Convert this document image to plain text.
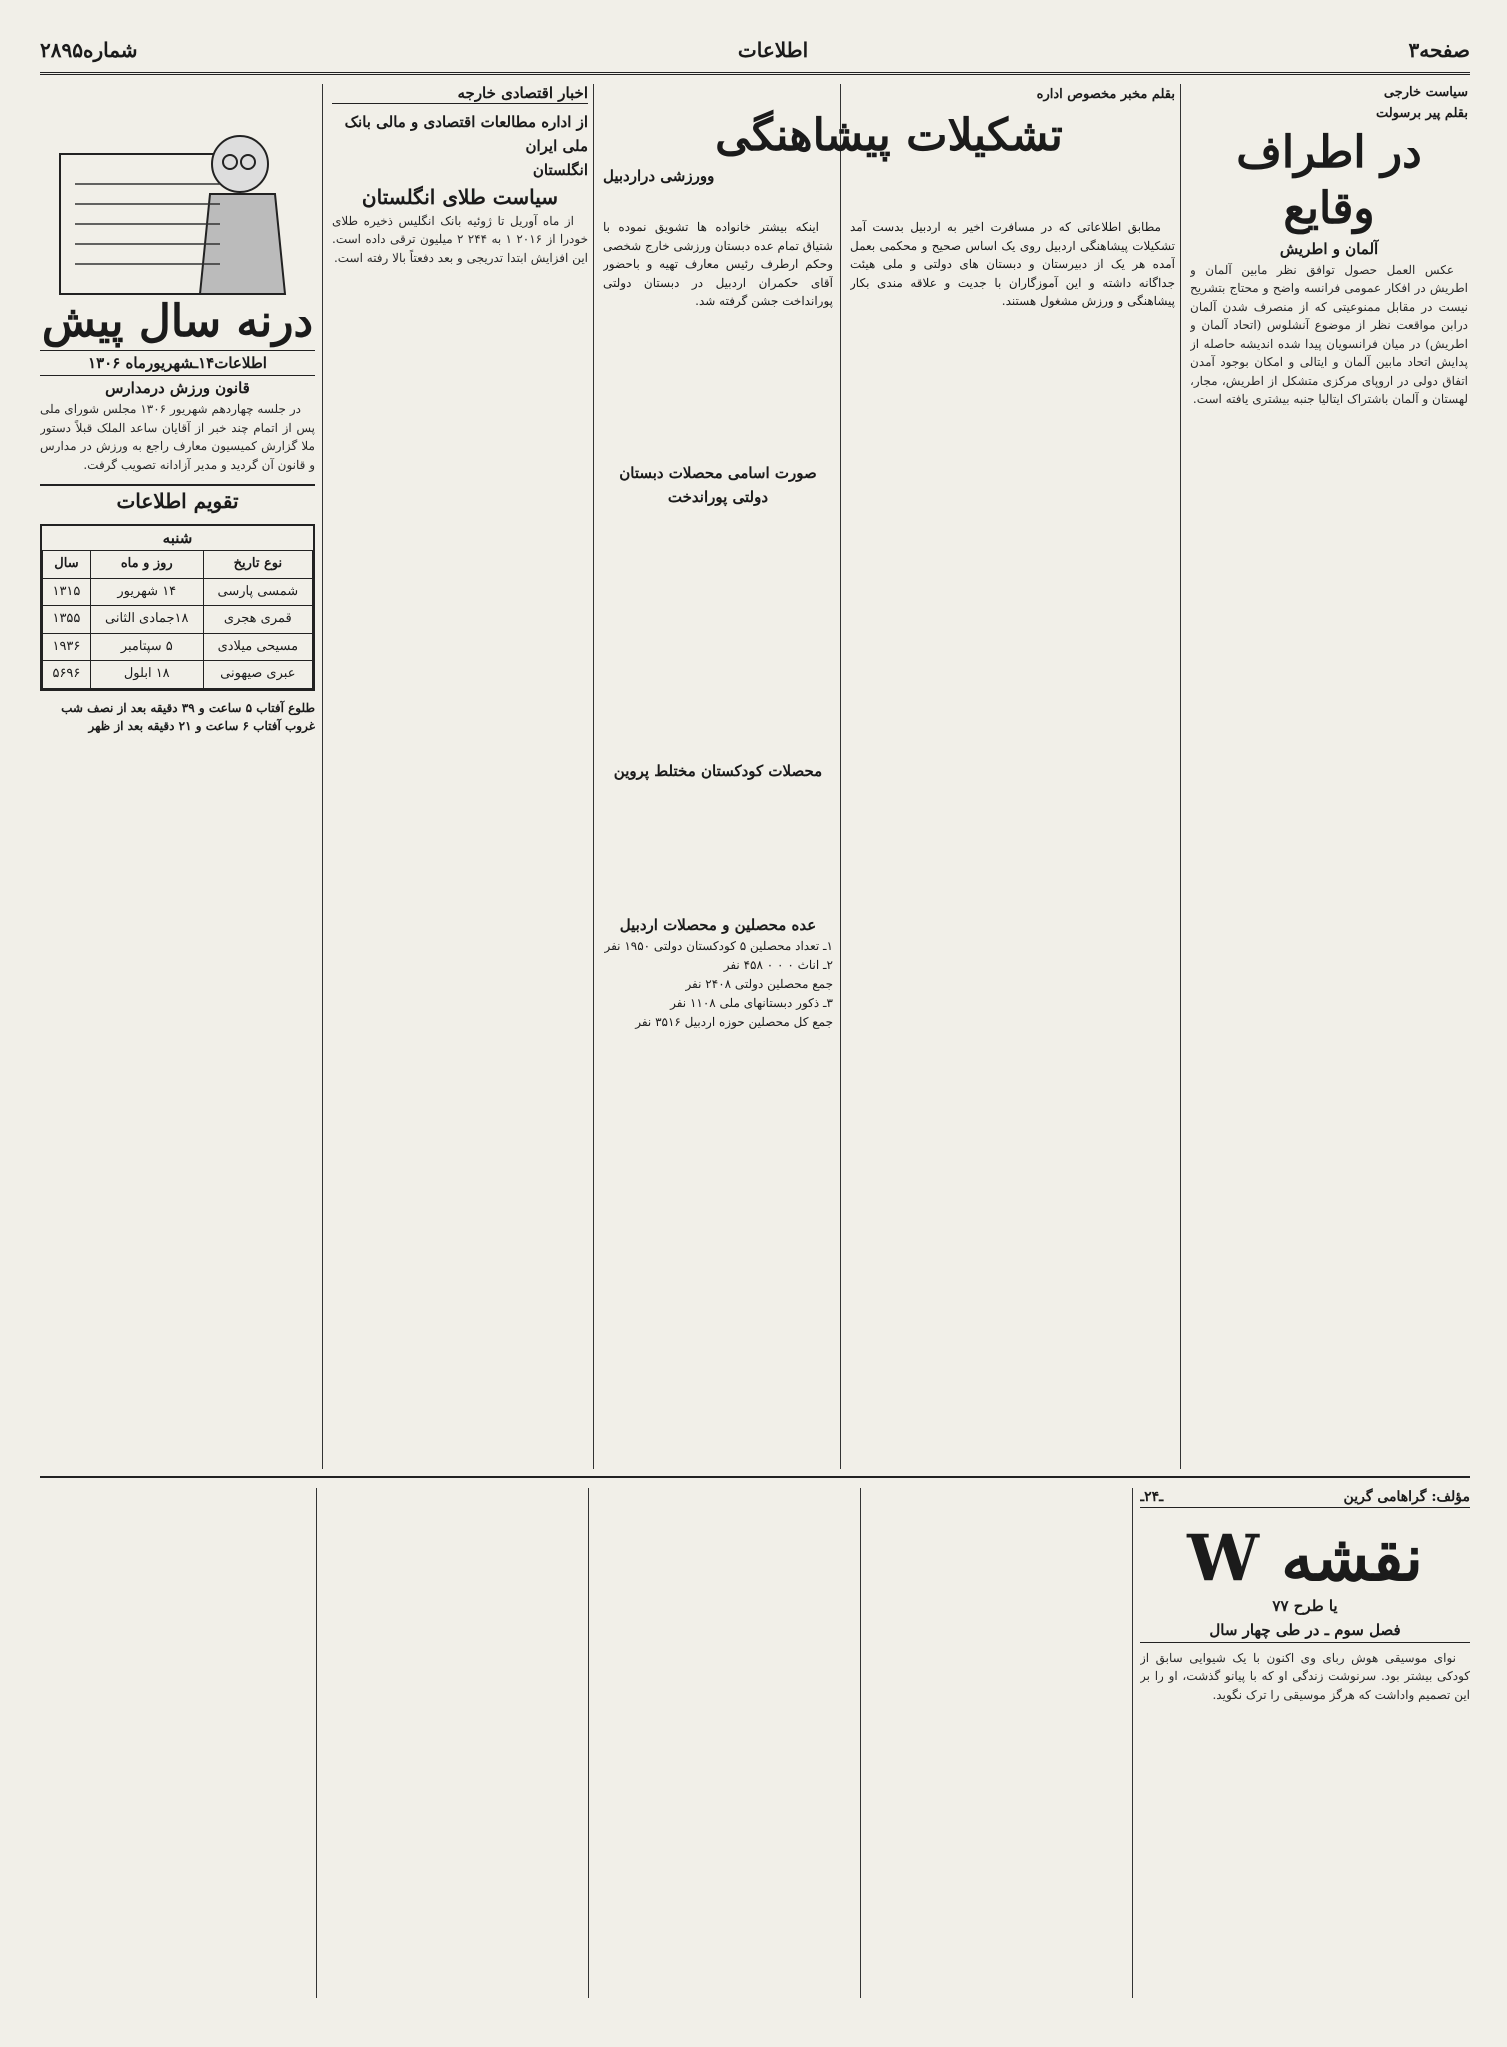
صفحه۳
اطلاعات
شماره۲۸۹۵
سیاست خارجی
بقلم پیر برسولت
در اطراف وقایع
آلمان و اطریش

عکس العمل حصول توافق نظر مابین آلمان و اطریش در افکار عمومی فرانسه واضح و محتاج بتشریح نیست در مقابل ممنوعیتی که از منصرف شدن آلمان درابن مواقعت نظر از موضوع آنشلوس (اتحاد آلمان و اطریش) در میان فرانسویان پیدا شده اندیشه حاصله از پدایش اتحاد مابین آلمان و ایتالی و امکان بوجود آمدن اتفاق دولی در اروپای مرکزی متشکل از اطریش، مجار، لهستان و آلمان باشتراک ایتالیا جنبه بیشتری یافته است.

بقلم مخبر مخصوص اداره
تشکیلات پیشاهنگی
وورزشی دراردبیل

مطابق اطلاعاتی که در مسافرت اخیر به اردبیل بدست آمد تشکیلات پیشاهنگی اردبیل روی یک اساس صحیح و محکمی بعمل آمده هر یک از دبیرستان و دبستان های دولتی و ملی هیئت جداگانه داشته و این آموزگاران با جدیت و علاقه مندی بکار پیشاهنگی و ورزش مشغول هستند.

اینکه بیشتر خانواده ها تشویق نموده با شتیاق تمام عده دبستان ورزشی خارج شخصی وحکم ارطرف رئیس معارف تهیه و باحضور آقای حکمران اردبیل در دبستان دولتی پورانداخت جشن گرفته شد.

صورت اسامی محصلات دبستان دولتی پوراندخت
محصلات کودکستان مختلط پروین
عده محصلین و محصلات اردبیل
۱ـ تعداد محصلین ۵ کودکستان دولتی ۱۹۵۰ نفر
۲ـ اناث ۰ ۰ ۰ ۴۵۸ نفر
جمع محصلین دولتی ۲۴۰۸ نفر
۳ـ ذکور دبستانهای ملی ۱۱۰۸ نفر
جمع کل محصلین حوزه اردبیل ۳۵۱۶ نفر
اخبار اقتصادی خارجه
از اداره مطالعات اقتصادی و مالی بانک ملی ایران
انگلستان
سیاست طلای انگلستان

از ماه آوریل تا ژوئیه بانک انگلیس ذخیره طلای خودرا از ۲۰۱۶ ۱ به ۲۴۴ ۲ میلیون ترقی داده است. این افزایش ابتدا تدریجی و بعد دفعتاً بالا رفته است.

درنه سال پیش
اطلاعات۱۴ـشهریورماه ۱۳۰۶
قانون ورزش درمدارس

در جلسه چهاردهم شهریور ۱۳۰۶ مجلس شورای ملی پس از اتمام چند خبر از آقایان ساعد الملک قبلاً دستور ملا گزارش کمیسیون معارف راجع به ورزش در مدارس و قانون آن گردید و مدیر آزادانه تصویب گرفت.

تقویم اطلاعات
شنبه
نوع تاریخ	روز و ماه	سال
شمسی پارسی	۱۴ شهریور	۱۳۱۵
قمری هجری	۱۸جمادی الثانی	۱۳۵۵
مسیحی میلادی	۵ سپتامبر	۱۹۳۶
عبری صیهونی	۱۸ ابلول	۵۶۹۶
طلوع آفتاب ۵ ساعت و ۳۹ دقیقه بعد از نصف شب
غروب آفتاب ۶ ساعت و ۲۱ دقیقه بعد از ظهر
مؤلف: گراهامی گرین
ـ۲۴ـ
نقشه W
یا طرح ۷۷
فصل سوم ـ در طی چهار سال

نوای موسیقی هوش ربای وی اکنون با یک شیوایی سابق از کودکی بیشتر بود. سرنوشت زندگی او که با پیانو گذشت، او را بر این تصمیم واداشت که هرگز موسیقی را ترک نگوید.
